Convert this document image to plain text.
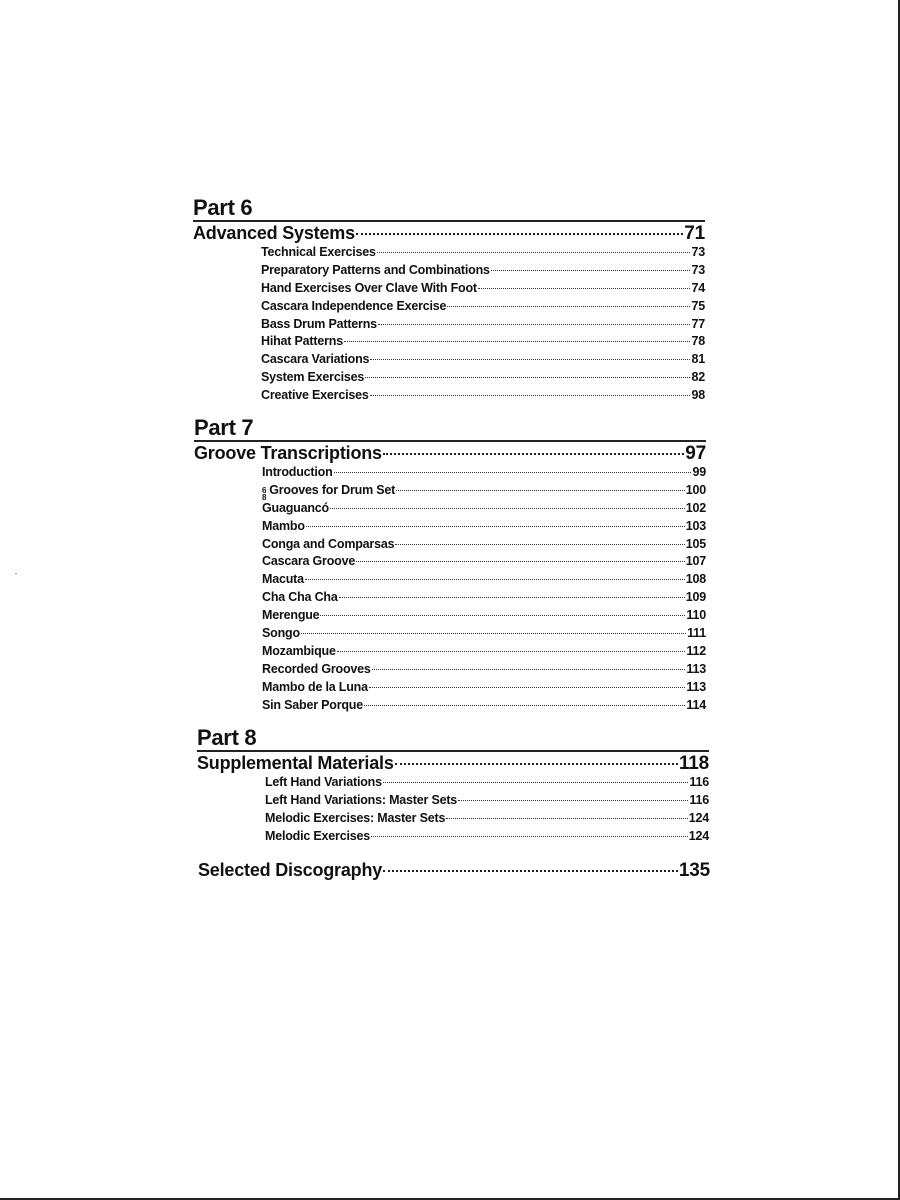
Part 6
Advanced Systems	71
Technical Exercises	73
Preparatory Patterns and Combinations	73
Hand Exercises Over Clave With Foot	74
Cascara Independence Exercise	75
Bass Drum Patterns	77
Hihat Patterns	78
Cascara Variations	81
System Exercises	82
Creative Exercises	98
Part 7
Groove Transcriptions	97
Introduction	99
6
8
Grooves for Drum Set	100
Guaguancó	102
Mambo	103
Conga and Comparsas	105
Cascara Groove	107
Macuta	108
Cha Cha Cha	109
Merengue	110
Songo	111
Mozambique	112
Recorded Grooves	113
Mambo de la Luna	113
Sin Saber Porque	114
Part 8
Supplemental Materials	118
Left Hand Variations	116
Left Hand Variations: Master Sets	116
Melodic Exercises: Master Sets	124
Melodic Exercises	124
Selected Discography	135
